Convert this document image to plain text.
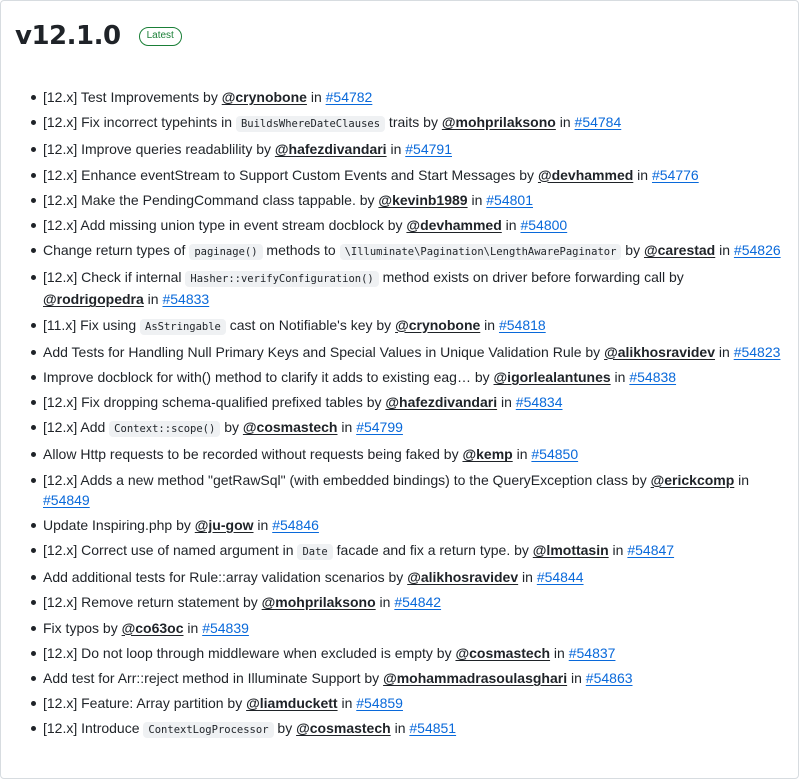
v12.1.0	Latest
[12.x] Test Improvements by @crynobone in #54782
[12.x] Fix incorrect typehints in BuildsWhereDateClauses traits by @mohprilaksono in #54784
[12.x] Improve queries readablility by @hafezdivandari in #54791
[12.x] Enhance eventStream to Support Custom Events and Start Messages by @devhammed in #54776
[12.x] Make the PendingCommand class tappable. by @kevinb1989 in #54801
[12.x] Add missing union type in event stream docblock by @devhammed in #54800
Change return types of paginage() methods to \Illuminate\Pagination\LengthAwarePaginator by @carestad in #54826
[12.x] Check if internal Hasher::verifyConfiguration() method exists on driver before forwarding call by @rodrigopedra in #54833
[11.x] Fix using AsStringable cast on Notifiable's key by @crynobone in #54818
Add Tests for Handling Null Primary Keys and Special Values in Unique Validation Rule by @alikhosravidev in #54823
Improve docblock for with() method to clarify it adds to existing eag… by @igorlealantunes in #54838
[12.x] Fix dropping schema-qualified prefixed tables by @hafezdivandari in #54834
[12.x] Add Context::scope() by @cosmastech in #54799
Allow Http requests to be recorded without requests being faked by @kemp in #54850
[12.x] Adds a new method "getRawSql" (with embedded bindings) to the QueryException class by @erickcomp in #54849
Update Inspiring.php by @ju-gow in #54846
[12.x] Correct use of named argument in Date facade and fix a return type. by @lmottasin in #54847
Add additional tests for Rule::array validation scenarios by @alikhosravidev in #54844
[12.x] Remove return statement by @mohprilaksono in #54842
Fix typos by @co63oc in #54839
[12.x] Do not loop through middleware when excluded is empty by @cosmastech in #54837
Add test for Arr::reject method in Illuminate Support by @mohammadrasoulasghari in #54863
[12.x] Feature: Array partition by @liamduckett in #54859
[12.x] Introduce ContextLogProcessor by @cosmastech in #54851
